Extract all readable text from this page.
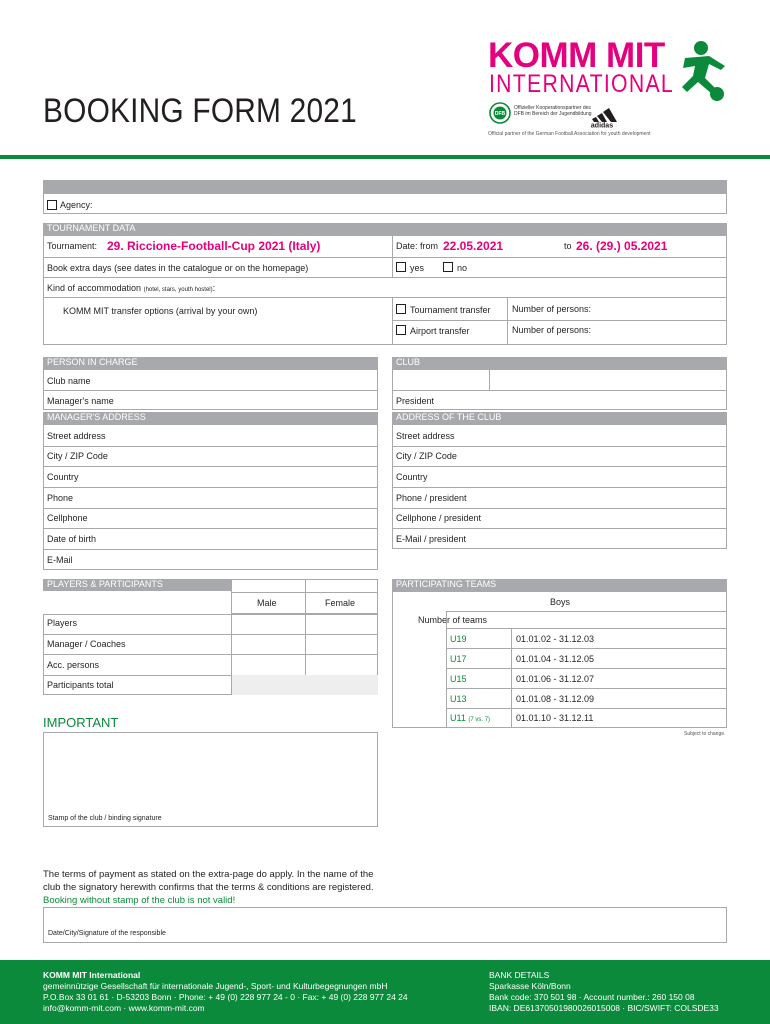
BOOKING FORM 2021
KOMM MIT
INTERNATIONAL
DFB
Offizieller Kooperationspartner des DFB im Bereich der Jugendbildung
adidas
Official partner of the German Football Association for youth development
Agency:
TOURNAMENT DATA
Tournament: 29. Riccione-Football-Cup 2021 (Italy)	Date: from 22.05.2021	to 26. (29.) 05.2021
Book extra days (see dates in the catalogue or on the homepage)	yes	no
Kind of accommodation (hotel, stars, youth hostel):
KOMM MIT transfer options (arrival by your own)	Tournament transfer Number of persons:
Airport transfer	Number of persons:
PERSON IN CHARGE
Club name
Manager's name
MANAGER'S ADDRESS
Street address
City / ZIP Code
Country
Phone
Cellphone
Date of birth
E-Mail
CLUB
President
ADDRESS OF THE CLUB
Street address
City / ZIP Code
Country
Phone / president
Cellphone / president
E-Mail / president
PLAYERS & PARTICIPANTS
Male	Female
Players
Manager / Coaches
Acc. persons
Participants total
PARTICIPATING TEAMS
Boys
Number of teams
U19	01.01.02 - 31.12.03
U17	01.01.04 - 31.12.05
U15	01.01.06 - 31.12.07
U13	01.01.08 - 31.12.09
U11 (7 vs. 7)	01.01.10 - 31.12.11
Subject to change.
IMPORTANT
Stamp of the club / binding signature
The terms of payment as stated on the extra-page do apply. In the name of the club the signatory herewith confirms that the terms & conditions are registered.
Booking without stamp of the club is not valid!
Date/City/Signature of the responsible
KOMM MIT International
gemeinnützige Gesellschaft für internationale Jugend-, Sport- und Kulturbegegnungen mbH
P.O.Box 33 01 61 · D-53203 Bonn · Phone: + 49 (0) 228 977 24 - 0 · Fax: + 49 (0) 228 977 24 24
info@komm-mit.com · www.komm-mit.com
BANK DETAILS
Sparkasse Köln/Bonn
Bank code: 370 501 98 · Account number.: 260 150 08
IBAN: DE61370501980026015008 · BIC/SWIFT: COLSDE33
